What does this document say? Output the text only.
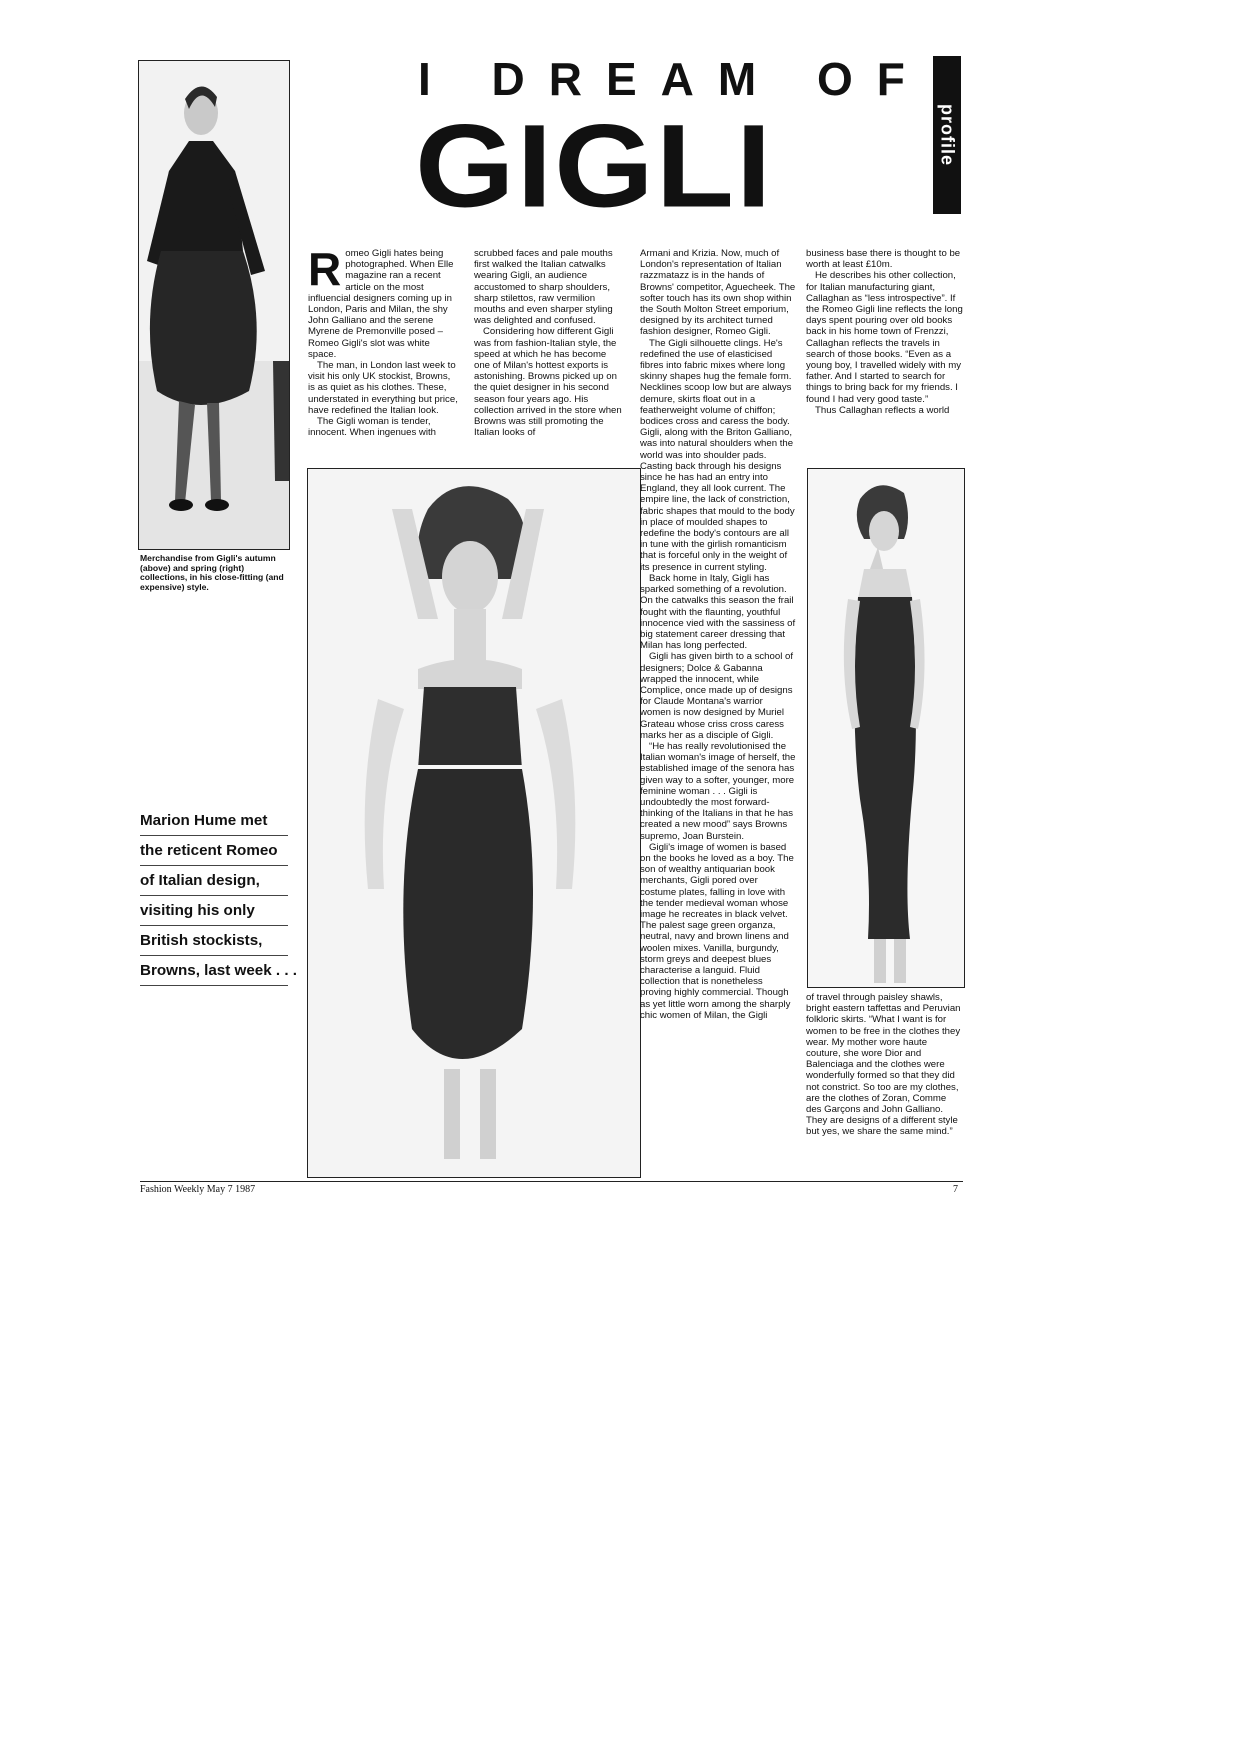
I DREAM OF
GIGLI	profile
Merchandise from Gigli's autumn (above) and spring (right) collections, in his close-fitting (and expensive) style.
Marion Hume met
the reticent Romeo
of Italian design,
visiting his only
British stockists,
Browns, last week . . .

Romeo Gigli hates being photographed. When Elle magazine ran a recent article on the most influencial designers coming up in London, Paris and Milan, the shy John Galliano and the serene Myrene de Premonville posed – Romeo Gigli's slot was white space.

The man, in London last week to visit his only UK stockist, Browns, is as quiet as his clothes. These, understated in everything but price, have redefined the Italian look.

The Gigli woman is tender, innocent. When ingenues with

scrubbed faces and pale mouths first walked the Italian catwalks wearing Gigli, an audience accustomed to sharp shoulders, sharp stilettos, raw vermilion mouths and even sharper styling was delighted and confused.

Considering how different Gigli was from fashion-Italian style, the speed at which he has become one of Milan's hottest exports is astonishing. Browns picked up on the quiet designer in his second season four years ago. His collection arrived in the store when Browns was still promoting the Italian looks of

Armani and Krizia. Now, much of London's representation of Italian razzmatazz is in the hands of Browns' competitor, Aguecheek. The softer touch has its own shop within the South Molton Street emporium, designed by its architect turned fashion designer, Romeo Gigli.

The Gigli silhouette clings. He's redefined the use of elasticised fibres into fabric mixes where long skinny shapes hug the female form. Necklines scoop low but are always demure, skirts float out in a featherweight volume of chiffon; bodices cross and caress the body. Gigli, along with the Briton Galliano, was into natural shoulders when the world was into shoulder pads. Casting back through his designs since he has had an entry into England, they all look current. The empire line, the lack of constriction, fabric shapes that mould to the body in place of moulded shapes to redefine the body's contours are all in tune with the girlish romanticism that is forceful only in the weight of its presence in current styling.

Back home in Italy, Gigli has sparked something of a revolution. On the catwalks this season the frail fought with the flaunting, youthful innocence vied with the sassiness of big statement career dressing that Milan has long perfected.

Gigli has given birth to a school of designers; Dolce & Gabanna wrapped the innocent, while Complice, once made up of designs for Claude Montana's warrior women is now designed by Muriel Grateau whose criss cross caress marks her as a disciple of Gigli.

“He has really revolutionised the Italian woman's image of herself, the established image of the senora has given way to a softer, younger, more feminine woman . . . Gigli is undoubtedly the most forward-thinking of the Italians in that he has created a new mood” says Browns supremo, Joan Burstein.

Gigli's image of women is based on the books he loved as a boy. The son of wealthy antiquarian book merchants, Gigli pored over costume plates, falling in love with the tender medieval woman whose image he recreates in black velvet. The palest sage green organza, neutral, navy and brown linens and woolen mixes. Vanilla, burgundy, storm greys and deepest blues characterise a languid. Fluid collection that is nonetheless proving highly commercial. Though as yet little worn among the sharply chic women of Milan, the Gigli

business base there is thought to be worth at least £10m.

He describes his other collection, for Italian manufacturing giant, Callaghan as “less introspective”. If the Romeo Gigli line reflects the long days spent pouring over old books back in his home town of Frenzzi, Callaghan reflects the travels in search of those books. “Even as a young boy, I travelled widely with my father. And I started to search for things to bring back for my friends. I found I had very good taste.”

Thus Callaghan reflects a world

of travel through paisley shawls, bright eastern taffettas and Peruvian folkloric skirts. “What I want is for women to be free in the clothes they wear. My mother wore haute couture, she wore Dior and Balenciaga and the clothes were wonderfully formed so that they did not constrict. So too are my clothes, are the clothes of Zoran, Comme des Garçons and John Galliano. They are designs of a different style but yes, we share the same mind.”

Fashion Weekly May 7 1987	7
